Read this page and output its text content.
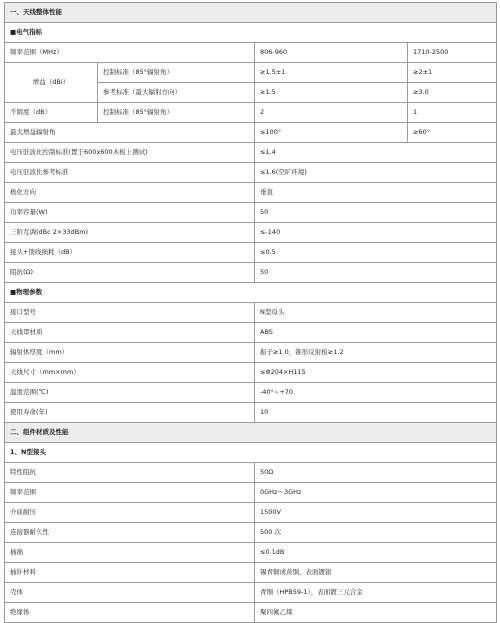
一、天线整体性能			
■电气指标			
频率范围（MHz）		806-960	1710-2500
增益（dBi）	控制标准（85°辐射角）	≥1.5±1	≥2±1
	参考标准（最大辐射方向）	≥1.5	≥3.0
不圆度（dB）	控制标准（85°辐射角）	2	1
最大增益辐射角		≤100°	≥60°
电压驻波比控制标准(置于600x600木板上测试)		≤1.4	
电压驻波比参考标准		≤1.6(空旷环境)	
极化方向		垂直	
功率容量(W)		50	
三阶互调(dBc 2×33dBm)		≤-140	
接头+馈线损耗（dB）		≤0.5	
阻抗(Ω)		50	
■物理参数			
接口型号		N型母头	
天线罩材质		ABS	
辐射体厚度（mm）		振子≥1.0，锥形反射板≥1.2	
天线尺寸（mm×mm）		≤Φ204×H115	
温度范围(℃)		-40°~+70	
使用寿命(年)		10	
二、组件材质及性能			
1、N型接头			
特性阻抗		50Ω	
频率范围		0GHz～3GHz	
介质耐压		1500V	
连接器耐久性		500 次	
插损		≤0.1dB	
插针材料		锡青铜或黄铜，表面镀银	
壳体		青铜（HPB59-1），表面镀三元合金	
绝缘体		聚四氟乙烯	
